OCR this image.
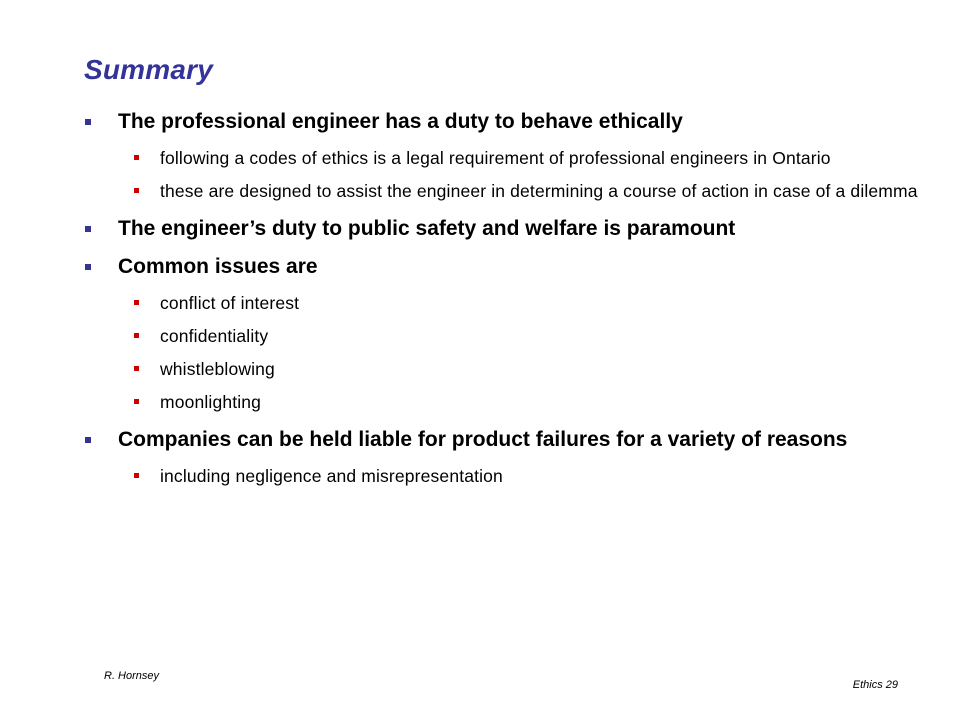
Summary
The professional engineer has a duty to behave ethically
following a codes of ethics is a legal requirement of professional engineers in Ontario
these are designed to assist the engineer in determining a course of action in case of a dilemma
The engineer’s duty to public safety and welfare is paramount
Common issues are
conflict of interest
confidentiality
whistleblowing
moonlighting
Companies can be held liable for product failures for a variety of reasons
including negligence and misrepresentation
R. Hornsey
Ethics 29
